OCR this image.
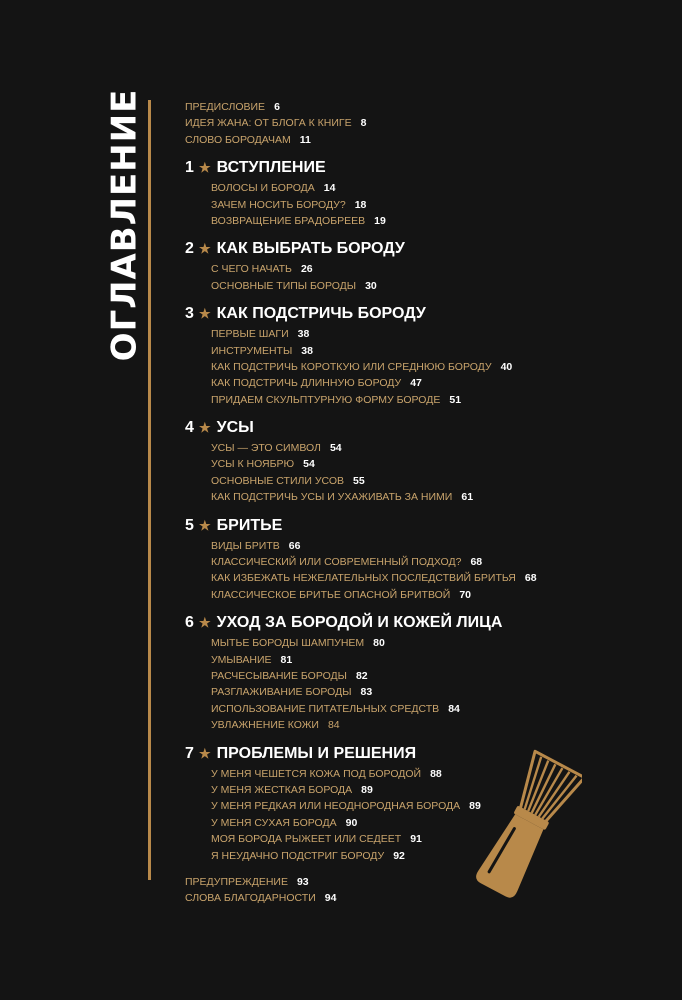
ОГЛАВЛЕНИЕ	ПРЕДИСЛОВИЕ 6
ИДЕЯ ЖАНА: ОТ БЛОГА К КНИГЕ 8
СЛОВО БОРОДАЧАМ 11
1 ★ ВСТУПЛЕНИЕ
ВОЛОСЫ И БОРОДА 14
ЗАЧЕМ НОСИТЬ БОРОДУ? 18
ВОЗВРАЩЕНИЕ БРАДОБРЕЕВ 19
2 ★ КАК ВЫБРАТЬ БОРОДУ
С ЧЕГО НАЧАТЬ 26
ОСНОВНЫЕ ТИПЫ БОРОДЫ 30
3 ★ КАК ПОДСТРИЧЬ БОРОДУ
ПЕРВЫЕ ШАГИ 38
ИНСТРУМЕНТЫ 38
КАК ПОДСТРИЧЬ КОРОТКУЮ ИЛИ СРЕДНЮЮ БОРОДУ 40
КАК ПОДСТРИЧЬ ДЛИННУЮ БОРОДУ 47
ПРИДАЕМ СКУЛЬПТУРНУЮ ФОРМУ БОРОДЕ 51
4 ★ УСЫ
УСЫ — ЭТО СИМВОЛ 54
УСЫ К НОЯБРЮ 54
ОСНОВНЫЕ СТИЛИ УСОВ 55
КАК ПОДСТРИЧЬ УСЫ И УХАЖИВАТЬ ЗА НИМИ 61
5 ★ БРИТЬЕ
ВИДЫ БРИТВ 66
КЛАССИЧЕСКИЙ ИЛИ СОВРЕМЕННЫЙ ПОДХОД? 68
КАК ИЗБЕЖАТЬ НЕЖЕЛАТЕЛЬНЫХ ПОСЛЕДСТВИЙ БРИТЬЯ 68
КЛАССИЧЕСКОЕ БРИТЬЕ ОПАСНОЙ БРИТВОЙ 70
6 ★ УХОД ЗА БОРОДОЙ И КОЖЕЙ ЛИЦА
МЫТЬЕ БОРОДЫ ШАМПУНЕМ 80
УМЫВАНИЕ 81
РАСЧЕСЫВАНИЕ БОРОДЫ 82
РАЗГЛАЖИВАНИЕ БОРОДЫ 83
ИСПОЛЬЗОВАНИЕ ПИТАТЕЛЬНЫХ СРЕДСТВ 84
УВЛАЖНЕНИЕ КОЖИ 84
7 ★ ПРОБЛЕМЫ И РЕШЕНИЯ
У МЕНЯ ЧЕШЕТСЯ КОЖА ПОД БОРОДОЙ 88
У МЕНЯ ЖЕСТКАЯ БОРОДА 89
У МЕНЯ РЕДКАЯ ИЛИ НЕОДНОРОДНАЯ БОРОДА 89
У МЕНЯ СУХАЯ БОРОДА 90
МОЯ БОРОДА РЫЖЕЕТ ИЛИ СЕДЕЕТ 91
Я НЕУДАЧНО ПОДСТРИГ БОРОДУ 92
ПРЕДУПРЕЖДЕНИЕ 93
СЛОВА БЛАГОДАРНОСТИ 94
